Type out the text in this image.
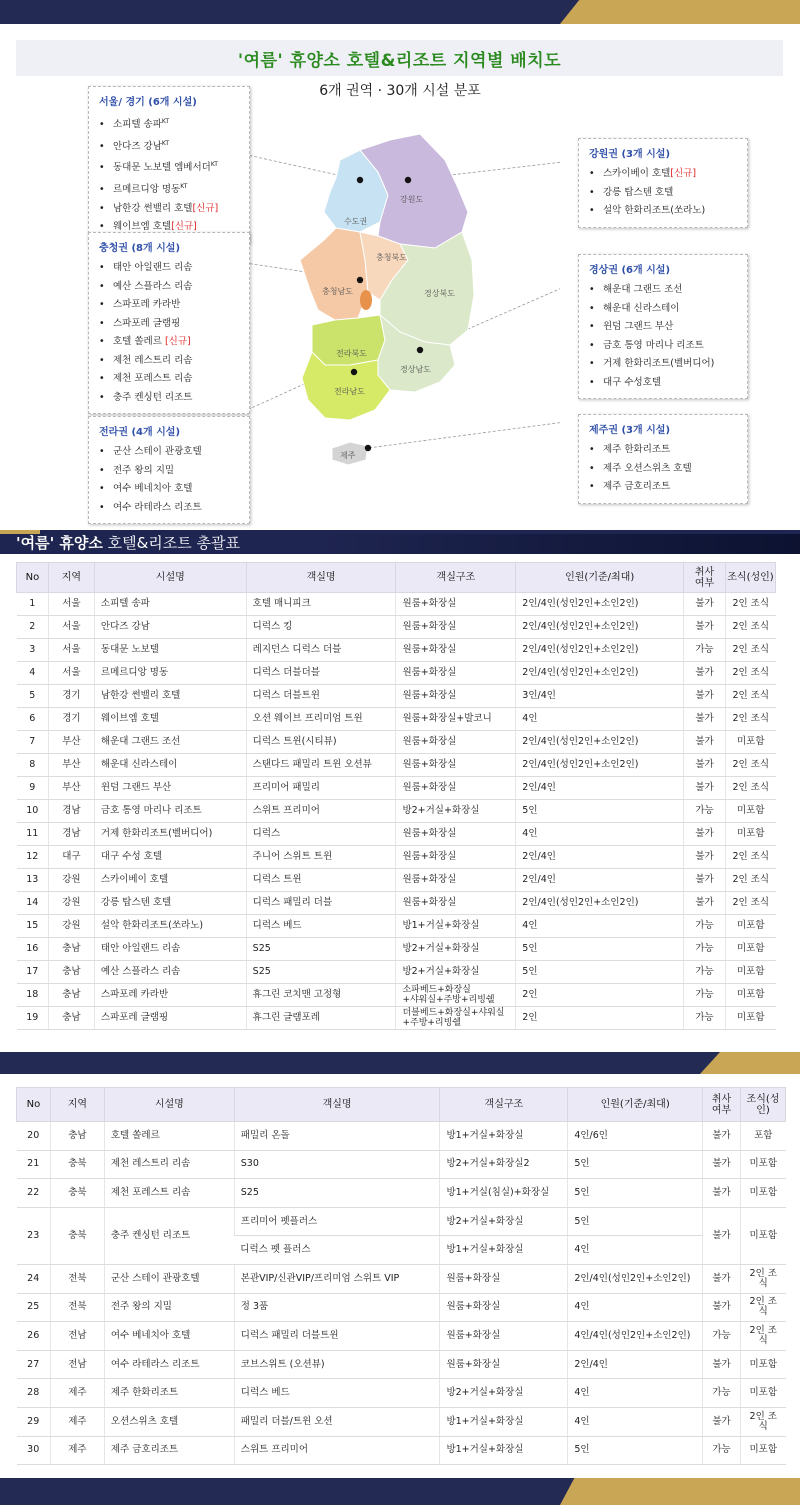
'여름' 휴양소 호텔&리조트 지역별 배치도
6개 권역 · 30개 시설 분포
수도권
강원도
충청북도
충청남도	경상북도
전라북도
경상남도
전라남도
제주
서울/ 경기 (6개 시설)
• 소피텔 송파$^{KT}$
• 안다즈 강남$^{KT}$
• 동대문 노보텔 엠베서더$^{KT}$
• 르메르디앙 명동$^{KT}$
• 남한강 썬밸리 호텔[신규]
• 웨이브엠 호텔[신규]
충청권 (8개 시설)
• 태안 아일랜드 리솜
• 예산 스플라스 리솜
• 스파포레 카라반
• 스파포레 글램핑
• 호텔 쏠레르 [신규]
• 제천 레스트리 리솜
• 제천 포레스트 리솜
• 충주 켄싱턴 리조트
전라권 (4개 시설)
• 군산 스테이 관광호텔
• 전주 왕의 지밀
• 여수 베네치아 호텔
• 여수 라테라스 리조트
강원권 (3개 시설)
• 스카이베이 호텔[신규]
• 강릉 탑스텐 호텔
• 설악 한화리조트(쏘라노)
경상권 (6개 시설)
• 해운대 그랜드 조선
• 해운대 신라스테이
• 윈덤 그랜드 부산
• 금호 통영 마리나 리조트
• 거제 한화리조트(벨버디어)
• 대구 수성호텔
제주권 (3개 시설)
• 제주 한화리조트
• 제주 오션스위츠 호텔
• 제주 금호리조트
'여름' 휴양소 호텔&리조트 총괄표
No	지역	시설명	객실명	객실구조	인원(기준/최대)	취사
여부	조식(성인)
1	서울	소피텔 송파	호텔 매니피크	원룸+화장실	2인/4인(성인2인+소인2인)	불가	2인 조식
2	서울	안다즈 강남	디럭스 킹	원룸+화장실	2인/4인(성인2인+소인2인)	불가	2인 조식
3	서울	동대문 노보텔	레지던스 디럭스 더블	원룸+화장실	2인/4인(성인2인+소인2인)	가능	2인 조식
4	서울	르메르디앙 명동	디럭스 더블더블	원룸+화장실	2인/4인(성인2인+소인2인)	불가	2인 조식
5	경기	남한강 썬밸리 호텔	디럭스 더블트윈	원룸+화장실	3인/4인	불가	2인 조식
6	경기	웨이브엠 호텔	오션 웨이브 프리미엄 트윈	원룸+화장실+발코니	4인	불가	2인 조식
7	부산	해운대 그랜드 조선	디럭스 트윈(시티뷰)	원룸+화장실	2인/4인(성인2인+소인2인)	불가	미포함
8	부산	해운대 신라스테이	스탠다드 패밀리 트윈 오션뷰	원룸+화장실	2인/4인(성인2인+소인2인)	불가	2인 조식
9	부산	윈덤 그랜드 부산	프리미어 패밀리	원룸+화장실	2인/4인	불가	2인 조식
10	경남	금호 통영 마리나 리조트	스위트 프리미어	방2+거실+화장실	5인	가능	미포함
11	경남	거제 한화리조트(벨버디어)	디럭스	원룸+화장실	4인	불가	미포함
12	대구	대구 수성 호텔	주니어 스위트 트윈	원룸+화장실	2인/4인	불가	2인 조식
13	강원	스카이베이 호텔	디럭스 트윈	원룸+화장실	2인/4인	불가	2인 조식
14	강원	강릉 탑스텐 호텔	디럭스 패밀리 더블	원룸+화장실	2인/4인(성인2인+소인2인)	불가	2인 조식
15	강원	설악 한화리조트(쏘라노)	디럭스 베드	방1+거실+화장실	4인	가능	미포함
16	충남	태안 아일랜드 리솜	S25	방2+거실+화장실	5인	가능	미포함
17	충남	예산 스플라스 리솜	S25	방2+거실+화장실	5인	가능	미포함
18	충남	스파포레 카라반	휴그린 코치맨 고정형	소파베드+화장실
+샤워실+주방+리빙쉘	2인	가능	미포함
19	충남	스파포레 글램핑	휴그린 글램포레	더블베드+화장실+샤워실
+주방+리빙쉘	2인	가능	미포함
No	지역	시설명	객실명	객실구조	인원(기준/최대)	취사
여부	조식(성인)
20	충남	호텔 쏠레르	패밀리 온돌	방1+거실+화장실	4인/6인	불가	포함
21	충북	제천 레스트리 리솜	S30	방2+거실+화장실2	5인	불가	미포함
22	충북	제천 포레스트 리솜	S25	방1+거실(침실)+화장실	5인	불가	미포함
23	충북	충주 켄싱턴 리조트	프리미어 펫플러스	방2+거실+화장실	5인	불가	미포함
			디럭스 펫 플러스	방1+거실+화장실	4인		
24	전북	군산 스테이 관광호텔	본관VIP/신관VIP/프리미엄 스위트 VIP	원룸+화장실	2인/4인(성인2인+소인2인)	불가	2인 조식
25	전북	전주 왕의 지밀	정 3품	원룸+화장실	4인	불가	2인 조식
26	전남	여수 베네치아 호텔	디럭스 패밀리 더블트윈	원룸+화장실	4인/4인(성인2인+소인2인)	가능	2인 조식
27	전남	여수 라테라스 리조트	코브스위트 (오션뷰)	원룸+화장실	2인/4인	불가	미포함
28	제주	제주 한화리조트	디럭스 베드	방2+거실+화장실	4인	가능	미포함
29	제주	오션스위츠 호텔	패밀리 더블/트윈 오션	방1+거실+화장실	4인	불가	2인 조식
30	제주	제주 금호리조트	스위트 프리미어	방1+거실+화장실	5인	가능	미포함
